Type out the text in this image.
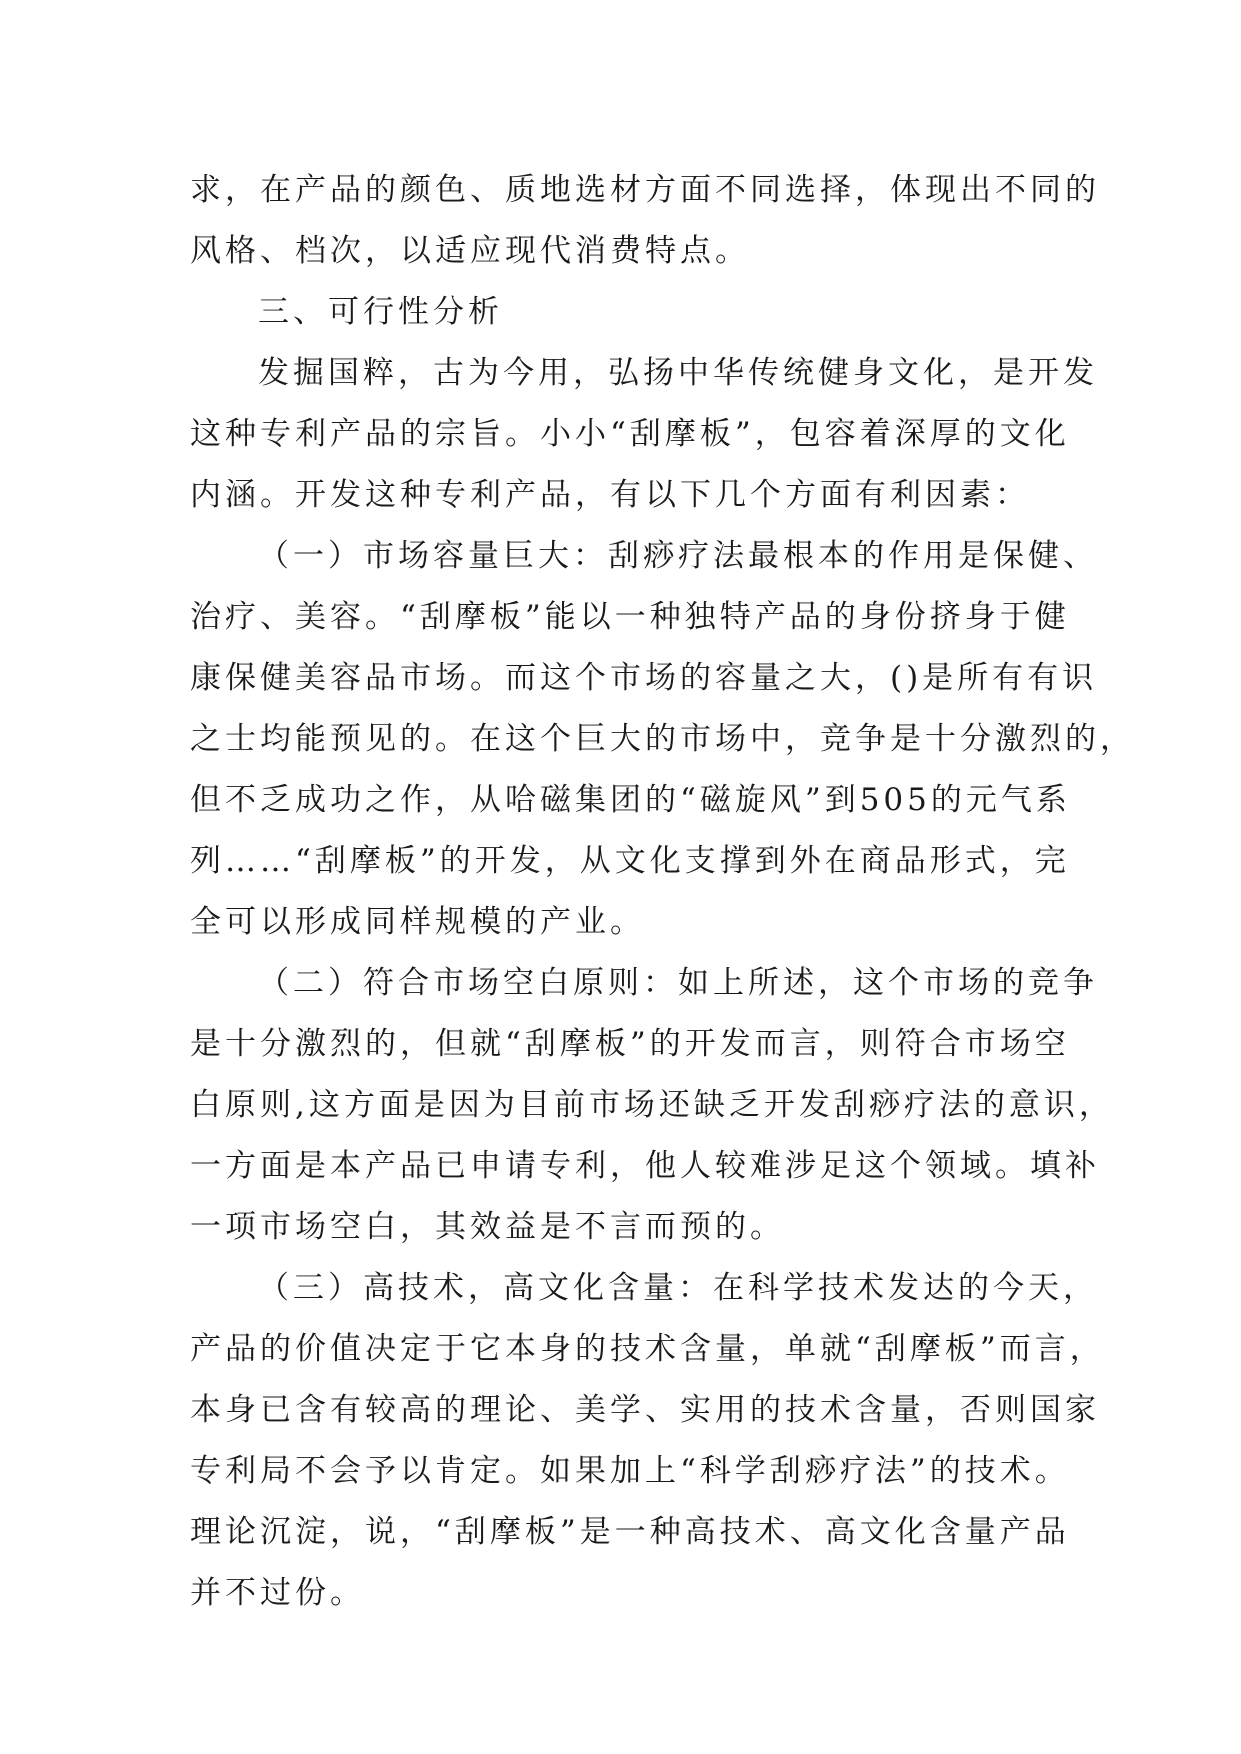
求，在产品的颜色、质地选材方面不同选择，体现出不同的
风格、档次，以适应现代消费特点。
三、可行性分析
发掘国粹，古为今用，弘扬中华传统健身文化，是开发
这种专利产品的宗旨。小小“刮摩板”，包容着深厚的文化
内涵。开发这种专利产品，有以下几个方面有利因素：
（一）市场容量巨大：刮痧疗法最根本的作用是保健、
治疗、美容。“刮摩板”能以一种独特产品的身份挤身于健
康保健美容品市场。而这个市场的容量之大，()是所有有识
之士均能预见的。在这个巨大的市场中，竞争是十分激烈的，
但不乏成功之作，从哈磁集团的“磁旋风”到505的元气系
列……“刮摩板”的开发，从文化支撑到外在商品形式，完
全可以形成同样规模的产业。
（二）符合市场空白原则：如上所述，这个市场的竞争
是十分激烈的，但就“刮摩板”的开发而言，则符合市场空
白原则,这方面是因为目前市场还缺乏开发刮痧疗法的意识，
一方面是本产品已申请专利，他人较难涉足这个领域。填补
一项市场空白，其效益是不言而预的。
（三）高技术，高文化含量：在科学技术发达的今天，
产品的价值决定于它本身的技术含量，单就“刮摩板”而言，
本身已含有较高的理论、美学、实用的技术含量，否则国家
专利局不会予以肯定。如果加上“科学刮痧疗法”的技术。
理论沉淀，说，“刮摩板”是一种高技术、高文化含量产品
并不过份。
